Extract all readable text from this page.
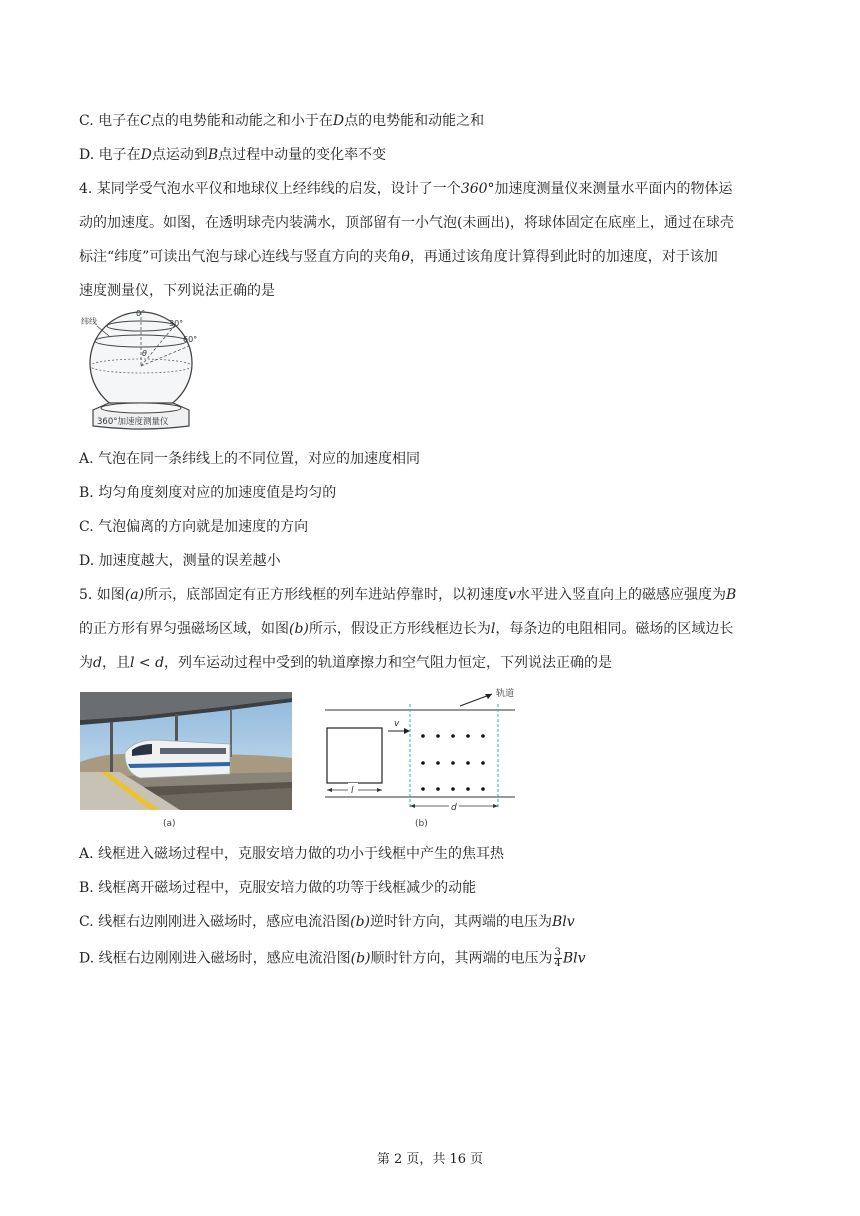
C. 电子在C点的电势能和动能之和小于在D点的电势能和动能之和
D. 电子在D点运动到B点过程中动量的变化率不变
4. 某同学受气泡水平仪和地球仪上经纬线的启发，设计了一个360°加速度测量仪来测量水平面内的物体运
动的加速度。如图，在透明球壳内装满水，顶部留有一小气泡(未画出)，将球体固定在底座上，通过在球壳
标注“纬度”可读出气泡与球心连线与竖直方向的夹角θ，再通过该角度计算得到此时的加速度，对于该加
速度测量仪，下列说法正确的是
纬线
0°
30°
60°
θ
360°加速度测量仪
A. 气泡在同一条纬线上的不同位置，对应的加速度相同
B. 均匀角度刻度对应的加速度值是均匀的
C. 气泡偏离的方向就是加速度的方向
D. 加速度越大，测量的误差越小
5. 如图(a)所示，底部固定有正方形线框的列车进站停靠时，以初速度v水平进入竖直向上的磁感应强度为B
的正方形有界匀强磁场区域，如图(b)所示，假设正方形线框边长为l，每条边的电阻相同。磁场的区域边长
为d，且l < d，列车运动过程中受到的轨道摩擦力和空气阻力恒定，下列说法正确的是
(a)
轨道
v
l
d
(b)
A. 线框进入磁场过程中，克服安培力做的功小于线框中产生的焦耳热
B. 线框离开磁场过程中，克服安培力做的功等于线框减少的动能
C. 线框右边刚刚进入磁场时，感应电流沿图(b)逆时针方向，其两端的电压为Blv
D. 线框右边刚刚进入磁场时，感应电流沿图(b)顺时针方向，其两端的电压为 $\frac{3}{4}$ Blv
第 2 页，共 16 页
